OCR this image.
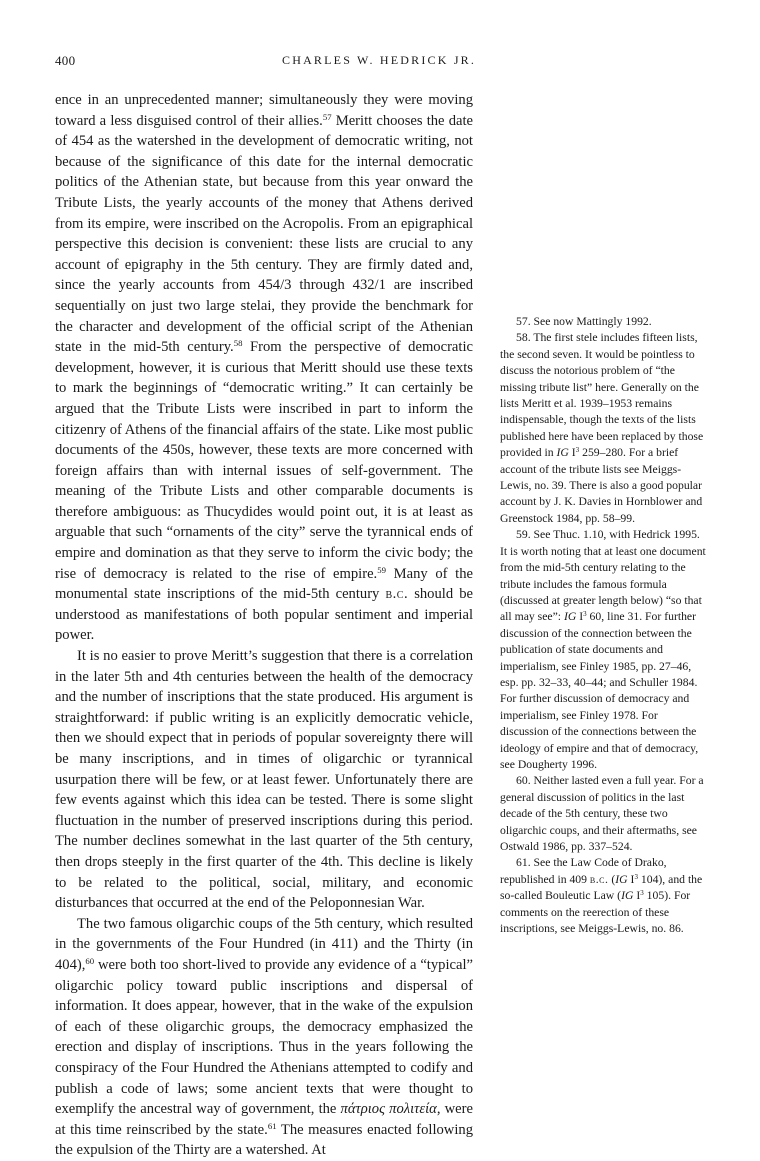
400	CHARLES W. HEDRICK JR.

ence in an unprecedented manner; simultaneously they were moving toward a less disguised control of their allies.$^{57}$ Meritt chooses the date of 454 as the watershed in the development of democratic writing, not because of the significance of this date for the internal democratic politics of the Athenian state, but because from this year onward the Tribute Lists, the yearly accounts of the money that Athens derived from its empire, were inscribed on the Acropolis. From an epigraphical perspective this decision is convenient: these lists are crucial to any account of epigraphy in the 5th century. They are firmly dated and, since the yearly accounts from 454/3 through 432/1 are inscribed sequentially on just two large stelai, they provide the benchmark for the character and development of the official script of the Athenian state in the mid-5th century.$^{58}$ From the perspective of democratic development, however, it is curious that Meritt should use these texts to mark the beginnings of “democratic writing.” It can certainly be argued that the Tribute Lists were inscribed in part to inform the citizenry of Athens of the financial affairs of the state. Like most public documents of the 450s, however, these texts are more concerned with foreign affairs than with internal issues of self-government. The meaning of the Tribute Lists and other comparable documents is therefore ambiguous: as Thucydides would point out, it is at least as arguable that such “ornaments of the city” serve the tyrannical ends of empire and domination as that they serve to inform the civic body; the rise of democracy is related to the rise of empire.$^{59}$ Many of the monumental state inscriptions of the mid-5th century b.c. should be understood as manifestations of both popular sentiment and imperial power.

It is no easier to prove Meritt’s suggestion that there is a correlation in the later 5th and 4th centuries between the health of the democracy and the number of inscriptions that the state produced. His argument is straightforward: if public writing is an explicitly democratic vehicle, then we should expect that in periods of popular sovereignty there will be many inscriptions, and in times of oligarchic or tyrannical usurpation there will be few, or at least fewer. Unfortunately there are few events against which this idea can be tested. There is some slight fluctuation in the number of preserved inscriptions during this period. The number declines somewhat in the last quarter of the 5th century, then drops steeply in the first quarter of the 4th. This decline is likely to be related to the political, social, military, and economic disturbances that occurred at the end of the Peloponnesian War.

The two famous oligarchic coups of the 5th century, which resulted in the governments of the Four Hundred (in 411) and the Thirty (in 404),$^{60}$ were both too short-lived to provide any evidence of a “typical” oligarchic policy toward public inscriptions and dispersal of information. It does appear, however, that in the wake of the expulsion of each of these oligarchic groups, the democracy emphasized the erection and display of inscriptions. Thus in the years following the conspiracy of the Four Hundred the Athenians attempted to codify and publish a code of laws; some ancient texts that were thought to exemplify the ancestral way of government, the πάτριος πολιτεία, were at this time reinscribed by the state.$^{61}$ The measures enacted following the expulsion of the Thirty are a watershed. At

57. See now Mattingly 1992.

58. The first stele includes fifteen lists, the second seven. It would be pointless to discuss the notorious problem of “the missing tribute list” here. Generally on the lists Meritt et al. 1939–1953 remains indispensable, though the texts of the lists published here have been replaced by those provided in IG $I^3$ 259–280. For a brief account of the tribute lists see Meiggs-Lewis, no. 39. There is also a good popular account by J. K. Davies in Hornblower and Greenstock 1984, pp. 58–99.

59. See Thuc. 1.10, with Hedrick 1995. It is worth noting that at least one document from the mid-5th century relating to the tribute includes the famous formula (discussed at greater length below) “so that all may see”: IG $I^3$ 60, line 31. For further discussion of the connection between the publication of state documents and imperialism, see Finley 1985, pp. 27–46, esp. pp. 32–33, 40–44; and Schuller 1984. For further discussion of democracy and imperialism, see Finley 1978. For discussion of the connections between the ideology of empire and that of democracy, see Dougherty 1996.

60. Neither lasted even a full year. For a general discussion of politics in the last decade of the 5th century, these two oligarchic coups, and their aftermaths, see Ostwald 1986, pp. 337–524.

61. See the Law Code of Drako, republished in 409 b.c. (IG $I^3$ 104), and the so-called Bouleutic Law (IG $I^3$ 105). For comments on the reerection of these inscriptions, see Meiggs-Lewis, no. 86.
